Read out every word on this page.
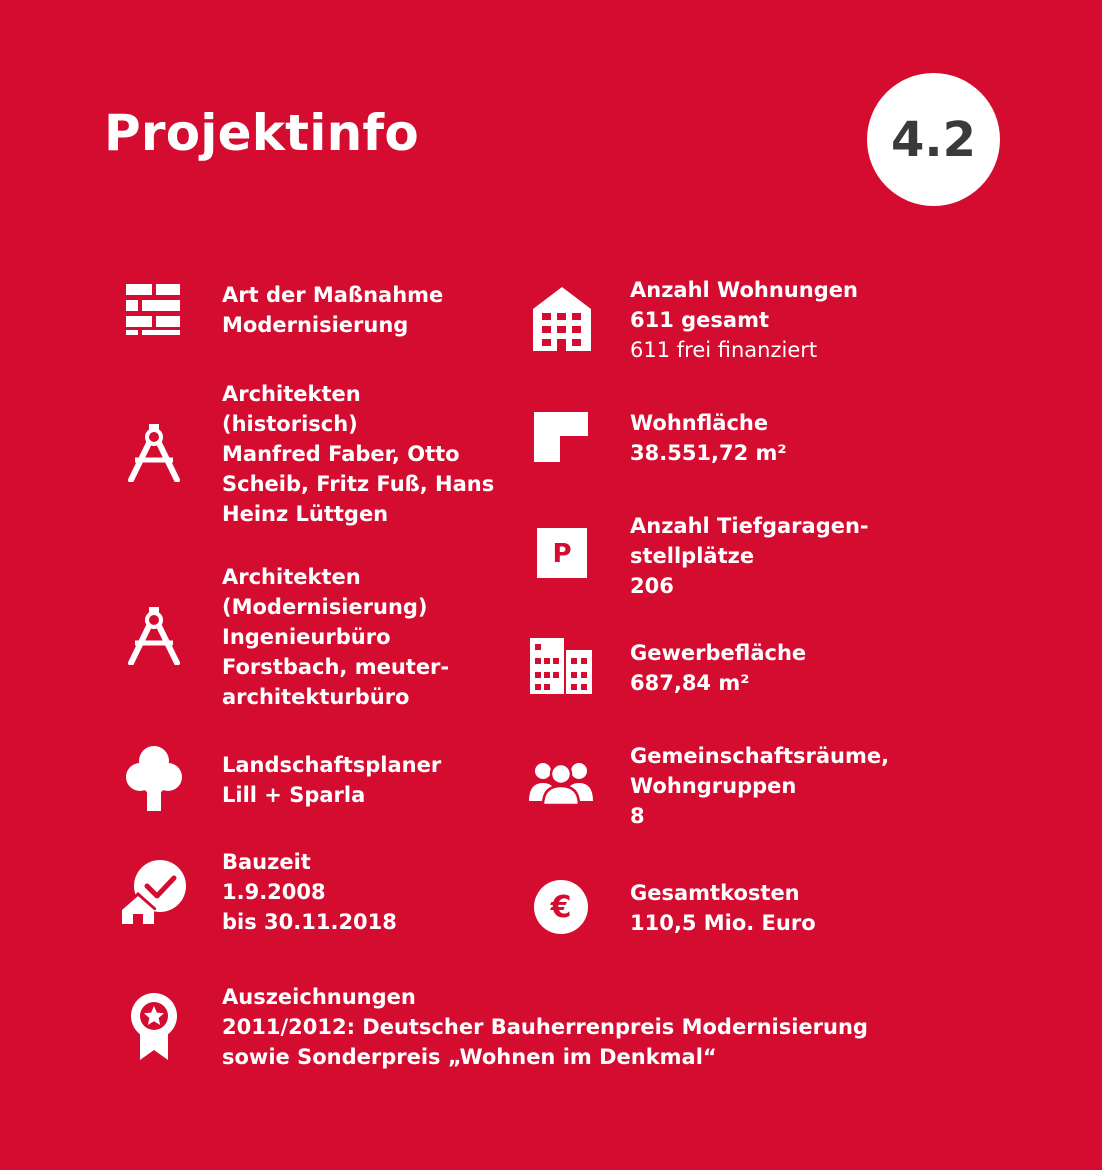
Projektinfo	4.2
Art der Maßnahme
Modernisierung
Architekten
(historisch)
Manfred Faber, Otto
Scheib, Fritz Fuß, Hans
Heinz Lüttgen
Architekten
(Modernisierung)
Ingenieurbüro
Forstbach, meuter-
architekturbüro
Landschaftsplaner
Lill + Sparla
Bauzeit
1.9.2008
bis 30.11.2018
Anzahl Wohnungen
611 gesamt
611 frei finanziert
Wohnfläche
38.551,72 m²
P
Anzahl Tiefgaragen-
stellplätze
206
Gewerbefläche
687,84 m²
Gemeinschaftsräume,
Wohngruppen
8
€	Gesamtkosten
110,5 Mio. Euro
Auszeichnungen
2011/2012: Deutscher Bauherrenpreis Modernisierung
sowie Sonderpreis „Wohnen im Denkmal“
